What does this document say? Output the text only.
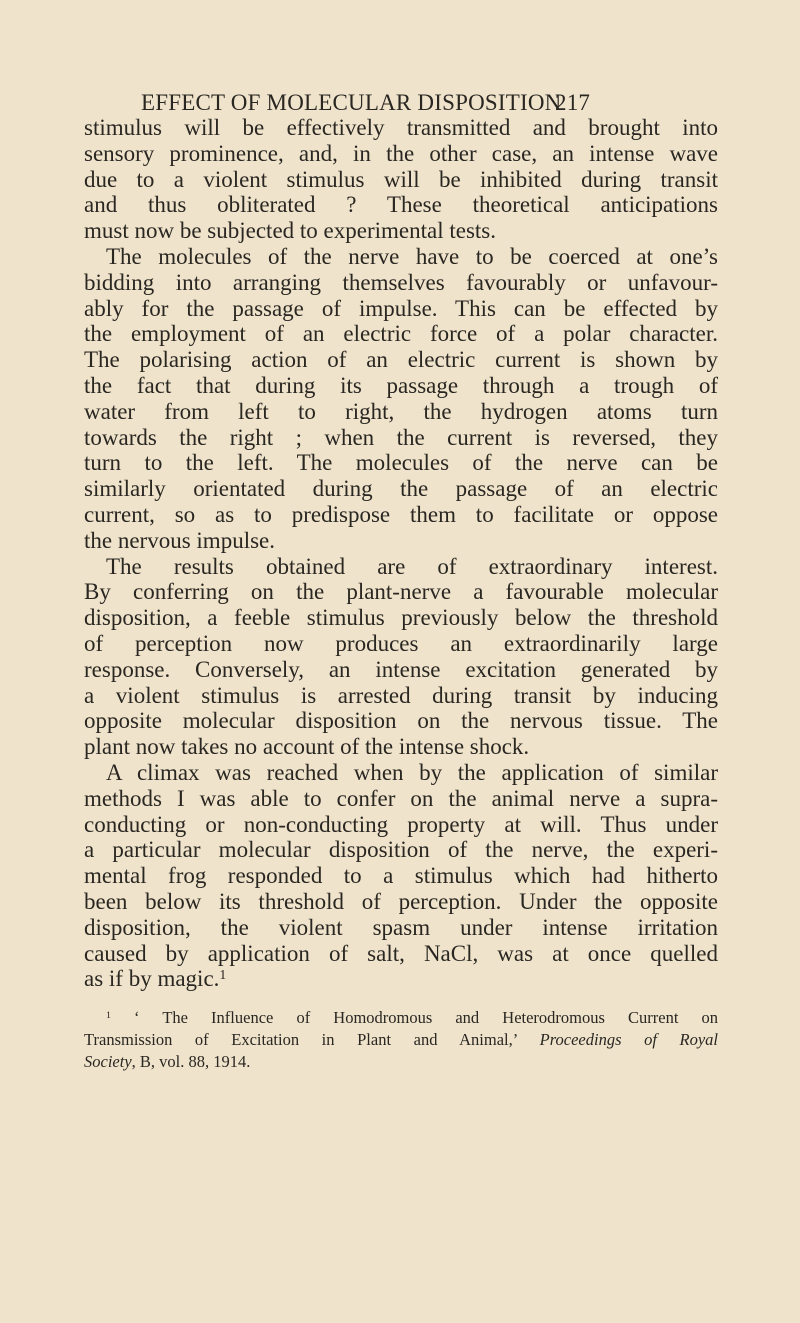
EFFECT OF MOLECULAR DISPOSITION
217
stimulus will be effectively transmitted and brought into
sensory prominence, and, in the other case, an intense wave
due to a violent stimulus will be inhibited during transit
and thus obliterated ? These theoretical anticipations
must now be subjected to experimental tests.
The molecules of the nerve have to be coerced at one’s
bidding into arranging themselves favourably or unfavour-
ably for the passage of impulse. This can be effected by
the employment of an electric force of a polar character.
The polarising action of an electric current is shown by
the fact that during its passage through a trough of
water from left to right, the hydrogen atoms turn
towards the right ; when the current is reversed, they
turn to the left. The molecules of the nerve can be
similarly orientated during the passage of an electric
current, so as to predispose them to facilitate or oppose
the nervous impulse.
The results obtained are of extraordinary interest.
By conferring on the plant-nerve a favourable molecular
disposition, a feeble stimulus previously below the threshold
of perception now produces an extraordinarily large
response. Conversely, an intense excitation generated by
a violent stimulus is arrested during transit by inducing
opposite molecular disposition on the nervous tissue. The
plant now takes no account of the intense shock.
A climax was reached when by the application of similar
methods I was able to confer on the animal nerve a supra-
conducting or non-conducting property at will. Thus under
a particular molecular disposition of the nerve, the experi-
mental frog responded to a stimulus which had hitherto
been below its threshold of perception. Under the opposite
disposition, the violent spasm under intense irritation
caused by application of salt, NaCl, was at once quelled
as if by magic.$^1$
$^1$ ‘ The Influence of Homodromous and Heterodromous Current on
Transmission of Excitation in Plant and Animal,’ Proceedings of Royal
Society, B, vol. 88, 1914.
